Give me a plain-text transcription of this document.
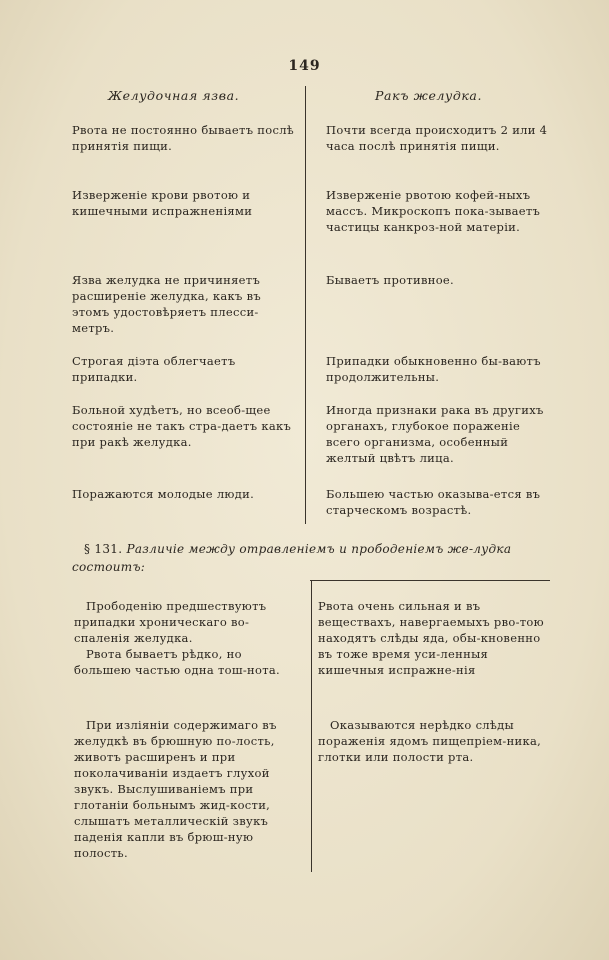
149
Желудочная язва.	Ракъ желудка.
Рвота не постоянно бываетъ послѣ принятія пищи.
Почти всегда происходитъ 2 или 4 часа послѣ принятія пищи.
Изверженіе крови рвотою и кишечными испражненіями
Изверженіе рвотою кофей-ныхъ массъ. Микроскопъ пока-зываетъ частицы канкроз-ной матеріи.
Язва желудка не причиняетъ расширеніе желудка, какъ въ этомъ удостовѣряетъ плесси-метръ.
Бываетъ противное.
Строгая діэта облегчаетъ припадки.
Припадки обыкновенно бы-ваютъ продолжительны.
Больной худѣетъ, но всеоб-щее состояніе не такъ стра-даетъ какъ при ракѣ желудка.
Иногда признаки рака въ другихъ органахъ, глубокое пораженіе всего организма, особенный желтый цвѣтъ лица.
Поражаются молодые люди.	Большею частью оказыва-ется въ старческомъ возрастѣ.
§ 131. Различіе между отравленіемъ и прободеніемъ же-лудка состоитъ:
Прободенію предшествуютъ припадки хроническаго во-спаленія желудка.
Рвота бываетъ рѣдко, но большею частью одна тош-нота.
Рвота очень сильная и въ веществахъ, навергаемыхъ рво-тою находятъ слѣды яда, обы-кновенно въ тоже время уси-ленныя кишечныя испражне-нія
При изліяніи содержимаго въ желудкѣ въ брюшную по-лость, животъ расширенъ и при поколачиваніи издаетъ глухой звукъ. Выслушиваніемъ при глотаніи больнымъ жид-кости, слышатъ металлическій звукъ паденія капли въ брюш-ную полость.
Оказываются нерѣдко слѣды пораженія ядомъ пищепріем-ника, глотки или полости рта.
